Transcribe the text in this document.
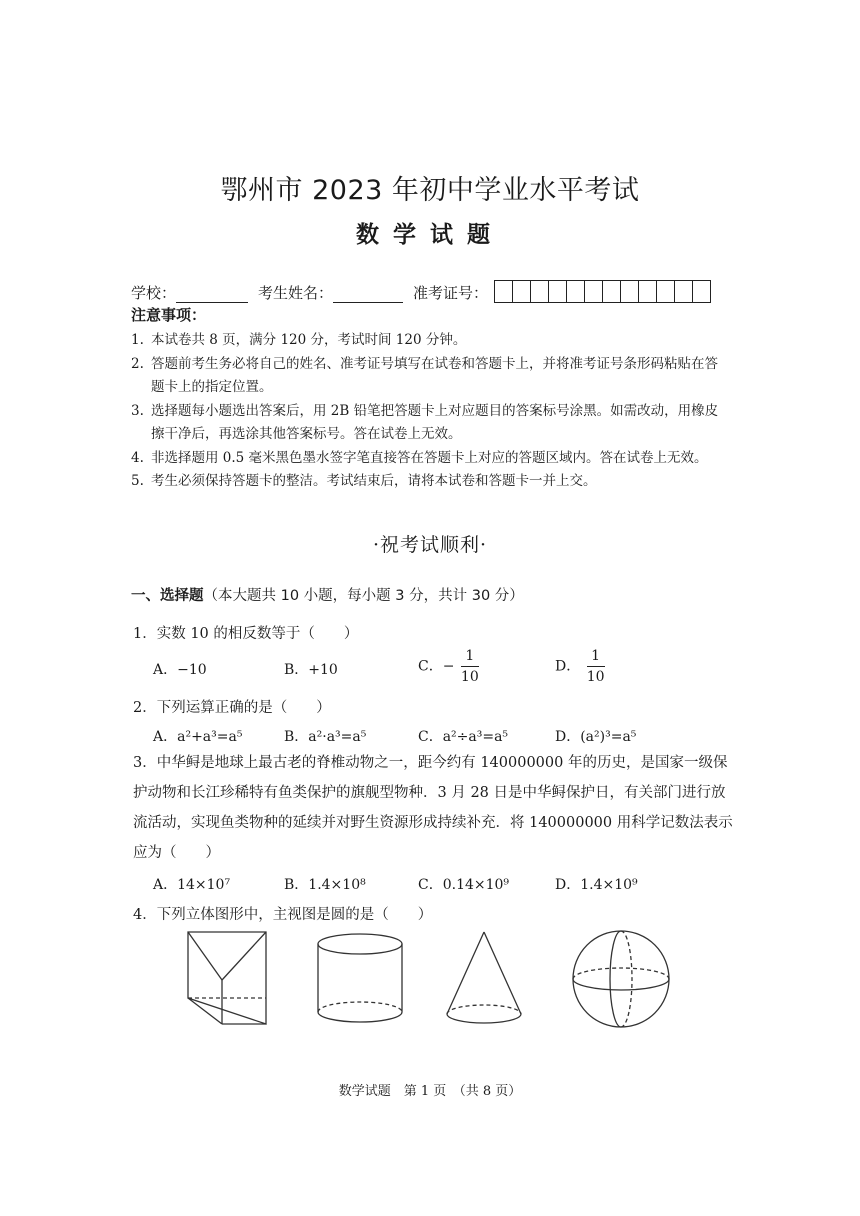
鄂州市 2023 年初中学业水平考试
数学试题
学校：	考生姓名：	准考证号：
注意事项：
1. 本试卷共 8 页，满分 120 分，考试时间 120 分钟。
2. 答题前考生务必将自己的姓名、准考证号填写在试卷和答题卡上，并将准考证号条形码粘贴在答题卡上的指定位置。
3. 选择题每小题选出答案后，用 2B 铅笔把答题卡上对应题目的答案标号涂黑。如需改动，用橡皮擦干净后，再选涂其他答案标号。答在试卷上无效。
4. 非选择题用 0.5 毫米黑色墨水签字笔直接答在答题卡上对应的答题区域内。答在试卷上无效。
5. 考生必须保持答题卡的整洁。考试结束后，请将本试卷和答题卡一并上交。
·祝考试顺利·
一、选择题（本大题共 10 小题，每小题 3 分，共计 30 分）
1．实数 10 的相反数等于（　　）
A．−10	B．+10	C．− $\frac{1}{10}$	D． $\frac{1}{10}$
2．下列运算正确的是（　　）
A．a²+a³=a⁵	B．a²·a³=a⁵	C．a²÷a³=a⁵	D．(a²)³=a⁵
3．中华鲟是地球上最古老的脊椎动物之一，距今约有 140000000 年的历史，是国家一级保护动物和长江珍稀特有鱼类保护的旗舰型物种．3 月 28 日是中华鲟保护日，有关部门进行放流活动，实现鱼类物种的延续并对野生资源形成持续补充．将 140000000 用科学记数法表示应为（　　）
A．14×10⁷	B．1.4×10⁸	C．0.14×10⁹	D．1.4×10⁹
4．下列立体图形中，主视图是圆的是（　　）
数学试题　第 1 页　（共 8 页）
